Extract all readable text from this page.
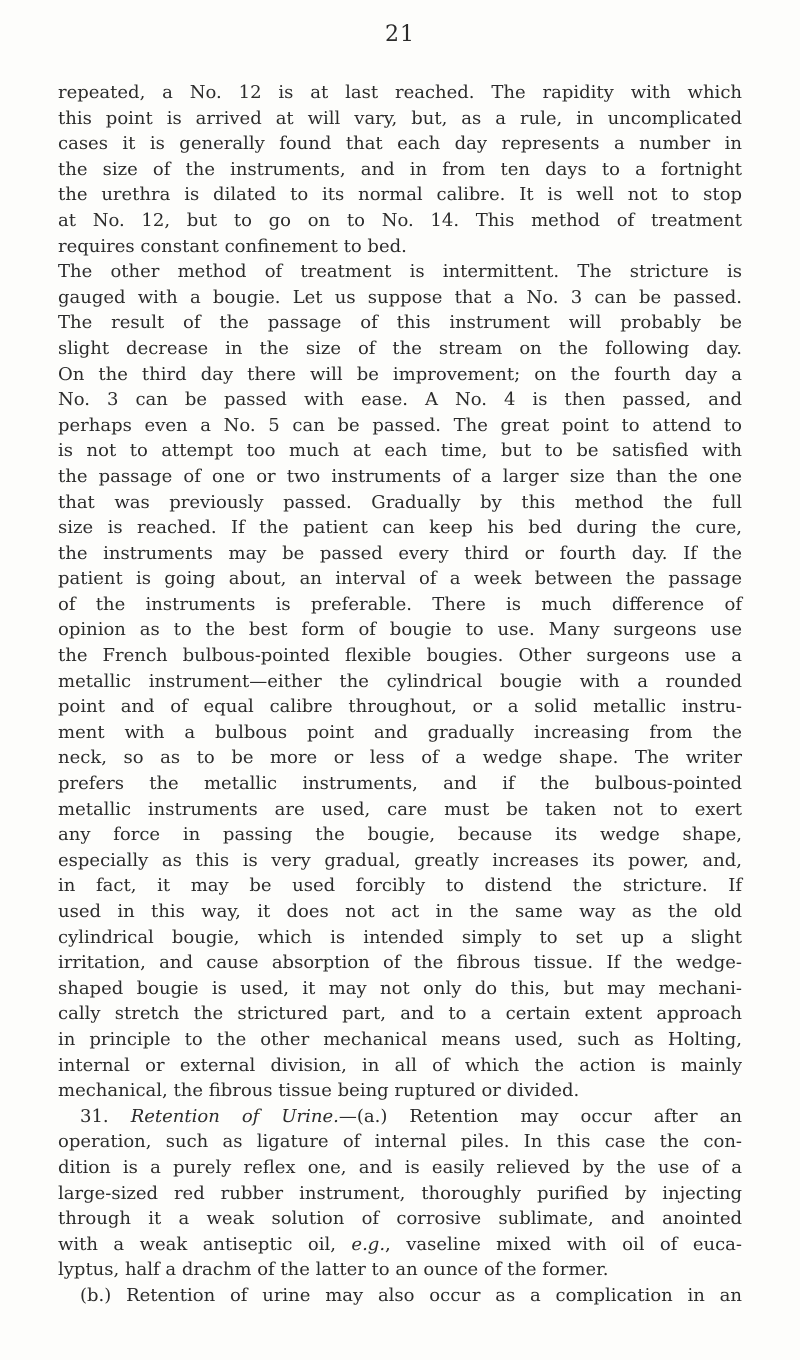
21
repeated, a No. 12 is at last reached. The rapidity with which
this point is arrived at will vary, but, as a rule, in uncomplicated
cases it is generally found that each day represents a number in
the size of the instruments, and in from ten days to a fortnight
the urethra is dilated to its normal calibre. It is well not to stop
at No. 12, but to go on to No. 14. This method of treatment
requires constant confinement to bed.
The other method of treatment is intermittent. The stricture is
gauged with a bougie. Let us suppose that a No. 3 can be passed.
The result of the passage of this instrument will probably be
slight decrease in the size of the stream on the following day.
On the third day there will be improvement; on the fourth day a
No. 3 can be passed with ease. A No. 4 is then passed, and
perhaps even a No. 5 can be passed. The great point to attend to
is not to attempt too much at each time, but to be satisfied with
the passage of one or two instruments of a larger size than the one
that was previously passed. Gradually by this method the full
size is reached. If the patient can keep his bed during the cure,
the instruments may be passed every third or fourth day. If the
patient is going about, an interval of a week between the passage
of the instruments is preferable. There is much difference of
opinion as to the best form of bougie to use. Many surgeons use
the French bulbous-pointed flexible bougies. Other surgeons use a
metallic instrument—either the cylindrical bougie with a rounded
point and of equal calibre throughout, or a solid metallic instru-
ment with a bulbous point and gradually increasing from the
neck, so as to be more or less of a wedge shape. The writer
prefers the metallic instruments, and if the bulbous-pointed
metallic instruments are used, care must be taken not to exert
any force in passing the bougie, because its wedge shape,
especially as this is very gradual, greatly increases its power, and,
in fact, it may be used forcibly to distend the stricture. If
used in this way, it does not act in the same way as the old
cylindrical bougie, which is intended simply to set up a slight
irritation, and cause absorption of the fibrous tissue. If the wedge-
shaped bougie is used, it may not only do this, but may mechani-
cally stretch the strictured part, and to a certain extent approach
in principle to the other mechanical means used, such as Holting,
internal or external division, in all of which the action is mainly
mechanical, the fibrous tissue being ruptured or divided.
31. Retention of Urine.—(a.) Retention may occur after an
operation, such as ligature of internal piles. In this case the con-
dition is a purely reflex one, and is easily relieved by the use of a
large-sized red rubber instrument, thoroughly purified by injecting
through it a weak solution of corrosive sublimate, and anointed
with a weak antiseptic oil, e.g., vaseline mixed with oil of euca-
lyptus, half a drachm of the latter to an ounce of the former.
(b.) Retention of urine may also occur as a complication in an
